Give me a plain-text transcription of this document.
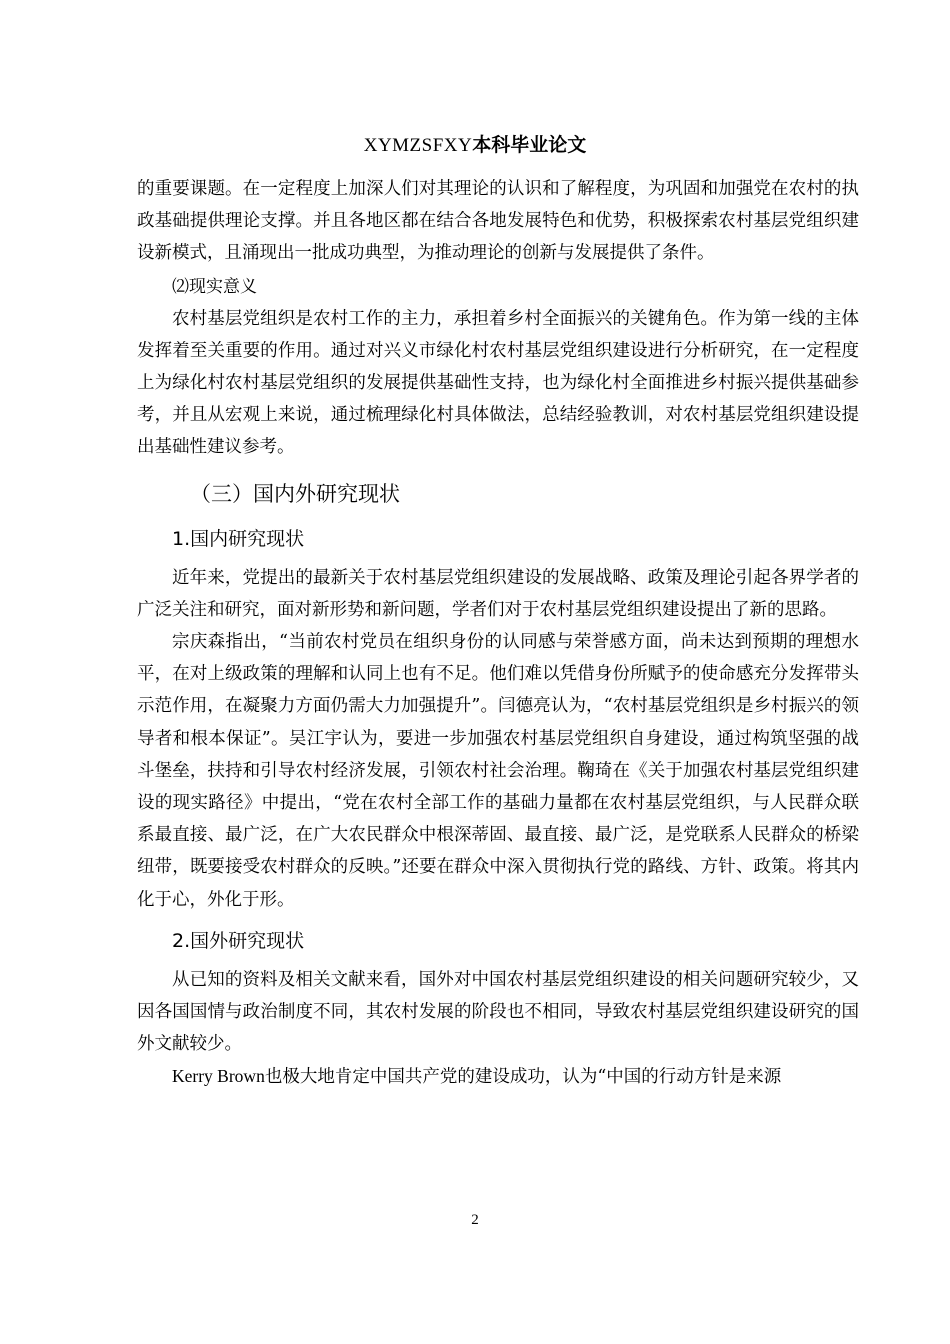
XYMZSFXY本科毕业论文

的重要课题。在一定程度上加深人们对其理论的认识和了解程度，为巩固和加强党在农村的执政基础提供理论支撑。并且各地区都在结合各地发展特色和优势，积极探索农村基层党组织建设新模式，且涌现出一批成功典型，为推动理论的创新与发展提供了条件。

⑵现实意义

农村基层党组织是农村工作的主力，承担着乡村全面振兴的关键角色。作为第一线的主体发挥着至关重要的作用。通过对兴义市绿化村农村基层党组织建设进行分析研究，在一定程度上为绿化村农村基层党组织的发展提供基础性支持，也为绿化村全面推进乡村振兴提供基础参考，并且从宏观上来说，通过梳理绿化村具体做法，总结经验教训，对农村基层党组织建设提出基础性建议参考。

（三）国内外研究现状
1.国内研究现状

近年来，党提出的最新关于农村基层党组织建设的发展战略、政策及理论引起各界学者的广泛关注和研究，面对新形势和新问题，学者们对于农村基层党组织建设提出了新的思路。

宗庆森指出，“当前农村党员在组织身份的认同感与荣誉感方面，尚未达到预期的理想水平，在对上级政策的理解和认同上也有不足。他们难以凭借身份所赋予的使命感充分发挥带头示范作用，在凝聚力方面仍需大力加强提升”。闫德亮认为，“农村基层党组织是乡村振兴的领导者和根本保证”。吴江宇认为，要进一步加强农村基层党组织自身建设，通过构筑坚强的战斗堡垒，扶持和引导农村经济发展，引领农村社会治理。鞠琦在《关于加强农村基层党组织建设的现实路径》中提出，“党在农村全部工作的基础力量都在农村基层党组织，与人民群众联系最直接、最广泛，在广大农民群众中根深蒂固、最直接、最广泛，是党联系人民群众的桥梁纽带，既要接受农村群众的反映。”还要在群众中深入贯彻执行党的路线、方针、政策。将其内化于心，外化于形。

2.国外研究现状

从已知的资料及相关文献来看，国外对中国农村基层党组织建设的相关问题研究较少，又因各国国情与政治制度不同，其农村发展的阶段也不相同，导致农村基层党组织建设研究的国外文献较少。

Kerry Brown也极大地肯定中国共产党的建设成功，认为“中国的行动方针是来源

2
